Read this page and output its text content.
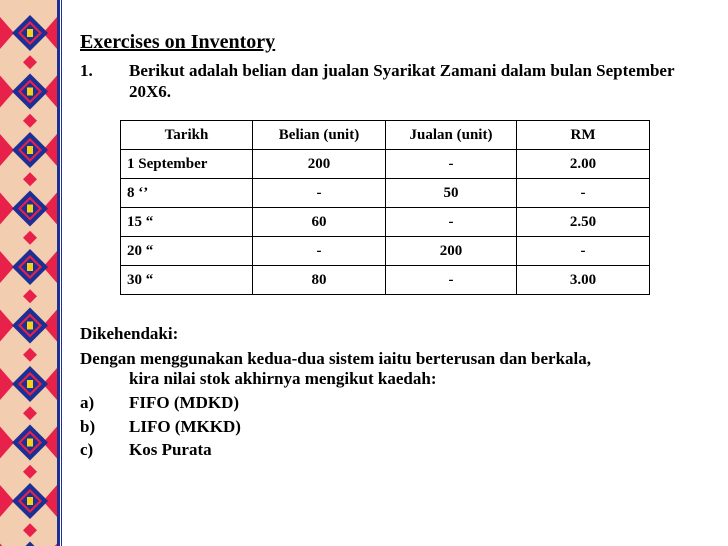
Exercises on Inventory
1. Berikut adalah belian dan jualan Syarikat Zamani dalam bulan September 20X6.
Tarikh	Belian (unit)	Jualan (unit)	RM
1 September	200	-	2.00
8 ‘’	-	50	-
15 “	60	-	2.50
20 “	-	200	-
30 “	80	-	3.00
Dikehendaki:
Dengan menggunakan kedua-dua sistem iaitu berterusan dan berkala,
kira nilai stok akhirnya mengikut kaedah:
a) FIFO (MDKD)
b) LIFO (MKKD)
c) Kos Purata
